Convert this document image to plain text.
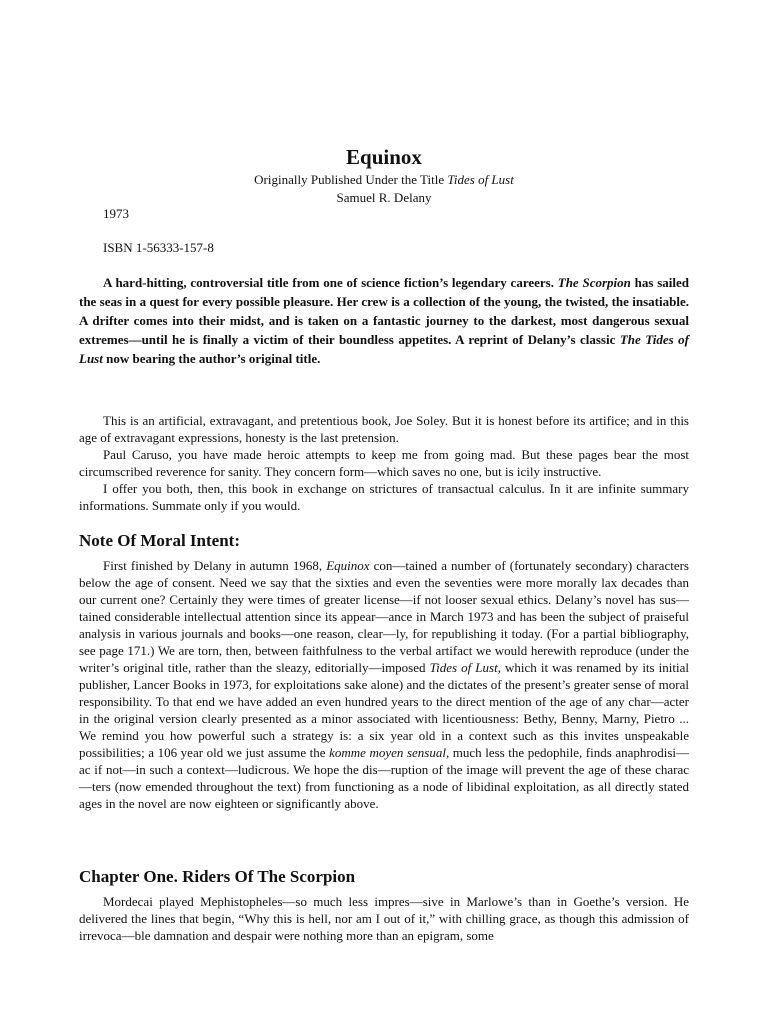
Equinox
Originally Published Under the Title Tides of Lust
Samuel R. Delany
1973
ISBN 1-56333-157-8

A hard-hitting, controversial title from one of science fiction’s legendary careers. The Scorpion has sailed the seas in a quest for every possible pleasure. Her crew is a collection of the young, the twisted, the insatiable. A drifter comes into their midst, and is taken on a fantastic journey to the darkest, most dangerous sexual extremes—until he is finally a victim of their boundless appetites. A reprint of Delany’s classic The Tides of Lust now bearing the author’s original title.

This is an artificial, extravagant, and pretentious book, Joe Soley. But it is honest before its artifice; and in this age of extravagant expressions, honesty is the last pretension.

Paul Caruso, you have made heroic attempts to keep me from going mad. But these pages bear the most circumscribed reverence for sanity. They concern form—which saves no one, but is icily instructive.

I offer you both, then, this book in exchange on strictures of transactual calculus. In it are infinite summary informations. Summate only if you would.

Note Of Moral Intent:

First finished by Delany in autumn 1968, Equinox con—tained a number of (fortunately secondary) characters below the age of consent. Need we say that the sixties and even the seventies were more morally lax decades than our current one? Certainly they were times of greater license—if not looser sexual ethics. Delany’s novel has sus—tained considerable intellectual attention since its appear—ance in March 1973 and has been the subject of praiseful analysis in various journals and books—one reason, clear—ly, for republishing it today. (For a partial bibliography, see page 171.) We are torn, then, between faithfulness to the verbal artifact we would herewith reproduce (under the writer’s original title, rather than the sleazy, editorially—imposed Tides of Lust, which it was renamed by its initial publisher, Lancer Books in 1973, for exploitations sake alone) and the dictates of the present’s greater sense of moral responsibility. To that end we have added an even hundred years to the direct mention of the age of any char—acter in the original version clearly presented as a minor associated with licentiousness: Bethy, Benny, Marny, Pietro ... We remind you how powerful such a strategy is: a six year old in a context such as this invites unspeakable possibilities; a 106 year old we just assume the komme moyen sensual, much less the pedophile, finds anaphrodisi—ac if not—in such a context—ludicrous. We hope the dis—ruption of the image will prevent the age of these charac—ters (now emended throughout the text) from functioning as a node of libidinal exploitation, as all directly stated ages in the novel are now eighteen or significantly above.

Chapter One. Riders Of The Scorpion

Mordecai played Mephistopheles—so much less impres—sive in Marlowe’s than in Goethe’s version. He delivered the lines that begin, “Why this is hell, nor am I out of it,” with chilling grace, as though this admission of irrevoca—ble damnation and despair were nothing more than an epigram, some
